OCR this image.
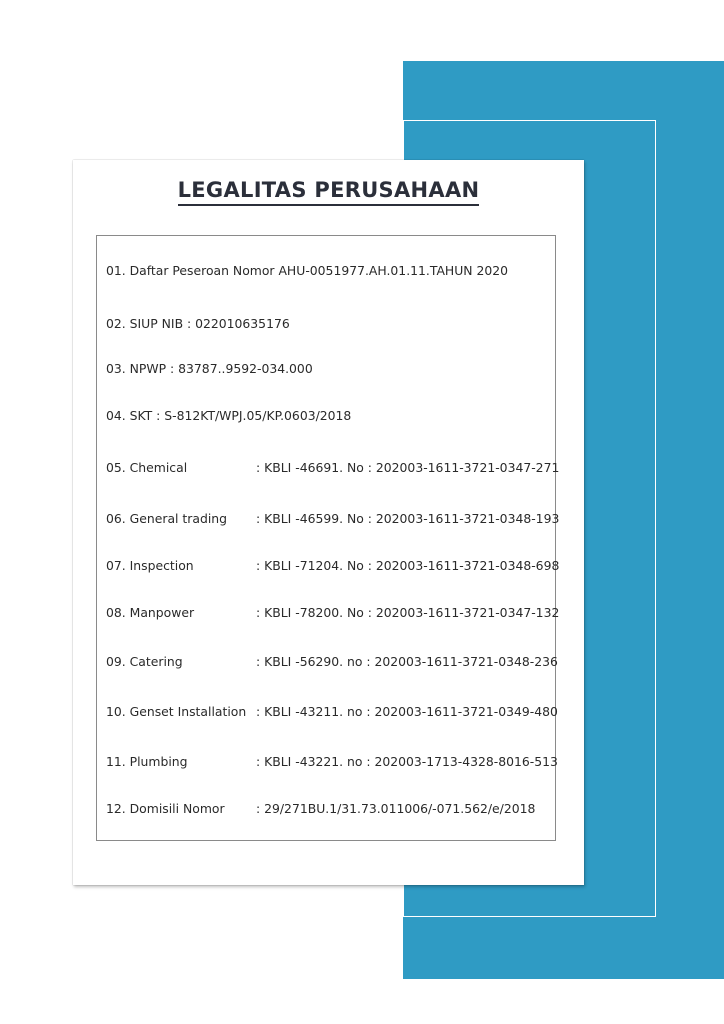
LEGALITAS PERUSAHAAN
01. Daftar Peseroan Nomor AHU-0051977.AH.01.11.TAHUN 2020
02. SIUP NIB : 022010635176
03. NPWP : 83787..9592-034.000
04. SKT : S-812KT/WPJ.05/KP.0603/2018
05. Chemical	: KBLI -46691. No : 202003-1611-3721-0347-271
06. General trading : KBLI -46599. No : 202003-1611-3721-0348-193
07. Inspection	: KBLI -71204. No : 202003-1611-3721-0348-698
08. Manpower	: KBLI -78200. No : 202003-1611-3721-0347-132
09. Catering	: KBLI -56290. no : 202003-1611-3721-0348-236
10. Genset Installation : KBLI -43211. no : 202003-1611-3721-0349-480
11. Plumbing	: KBLI -43221. no : 202003-1713-4328-8016-513
12. Domisili Nomor	: 29/271BU.1/31.73.011006/-071.562/e/2018
